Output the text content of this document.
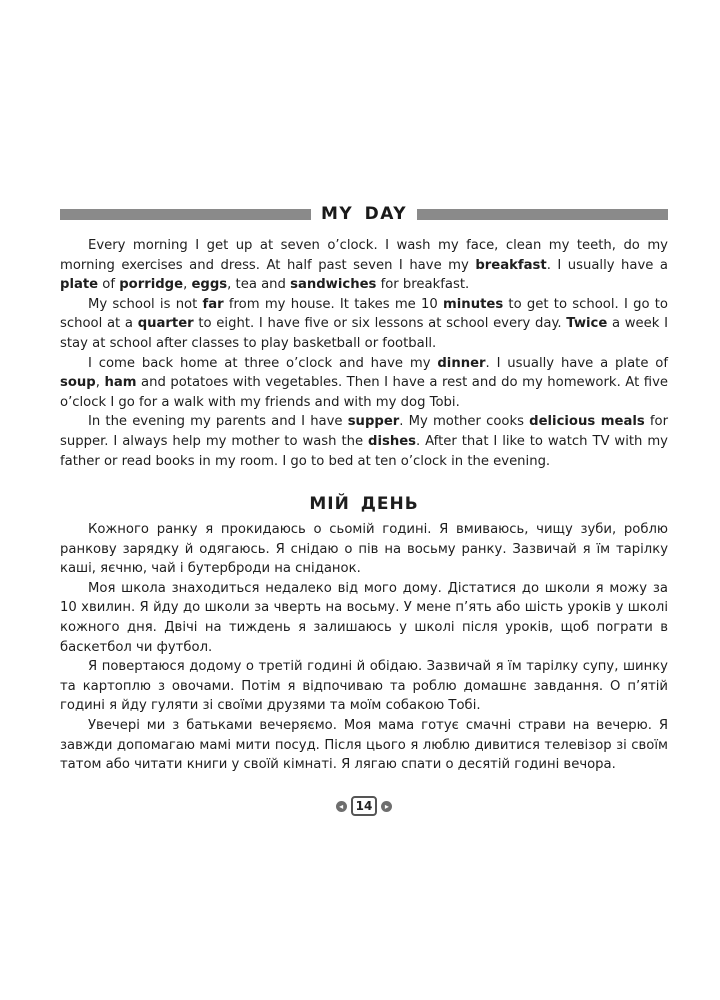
MY DAY

Every morning I get up at seven o’clock. I wash my face, clean my teeth, do my morning exercises and dress. At half past seven I have my breakfast. I usually have a plate of porridge, eggs, tea and sandwiches for breakfast.

My school is not far from my house. It takes me 10 minutes to get to school. I go to school at a quarter to eight. I have five or six lessons at school every day. Twice a week I stay at school after classes to play basketball or football.

I come back home at three o’clock and have my dinner. I usually have a plate of soup, ham and potatoes with vegetables. Then I have a rest and do my homework. At five o’clock I go for a walk with my friends and with my dog Tobi.

In the evening my parents and I have supper. My mother cooks delicious meals for supper. I always help my mother to wash the dishes. After that I like to watch TV with my father or read books in my room. I go to bed at ten o’clock in the evening.

МІЙ ДЕНЬ

Кожного ранку я прокидаюсь о сьомій годині. Я вмиваюсь, чищу зуби, роблю ранкову зарядку й одягаюсь. Я снідаю о пів на восьму ранку. Зазвичай я їм тарілку каші, яєчню, чай і бутерброди на сніданок.

Моя школа знаходиться недалеко від мого дому. Дістатися до школи я можу за 10 хвилин. Я йду до школи за чверть на восьму. У мене п’ять або шість уроків у школі кожного дня. Двічі на тиждень я залишаюсь у школі після уроків, щоб пограти в баскетбол чи футбол.

Я повертаюся додому о третій годині й обідаю. Зазвичай я їм тарілку супу, шинку та картоплю з овочами. Потім я відпочиваю та роблю домашнє завдання. О п’ятій годині я йду гуляти зі своїми друзями та моїм собакою Тобі.

Увечері ми з батьками вечеряємо. Моя мама готує смачні страви на вечерю. Я завжди допомагаю мамі мити посуд. Після цього я люблю дивитися телевізор зі своїм татом або читати книги у своїй кімнаті. Я лягаю спати о десятій годині вечора.

◂	14	▸
